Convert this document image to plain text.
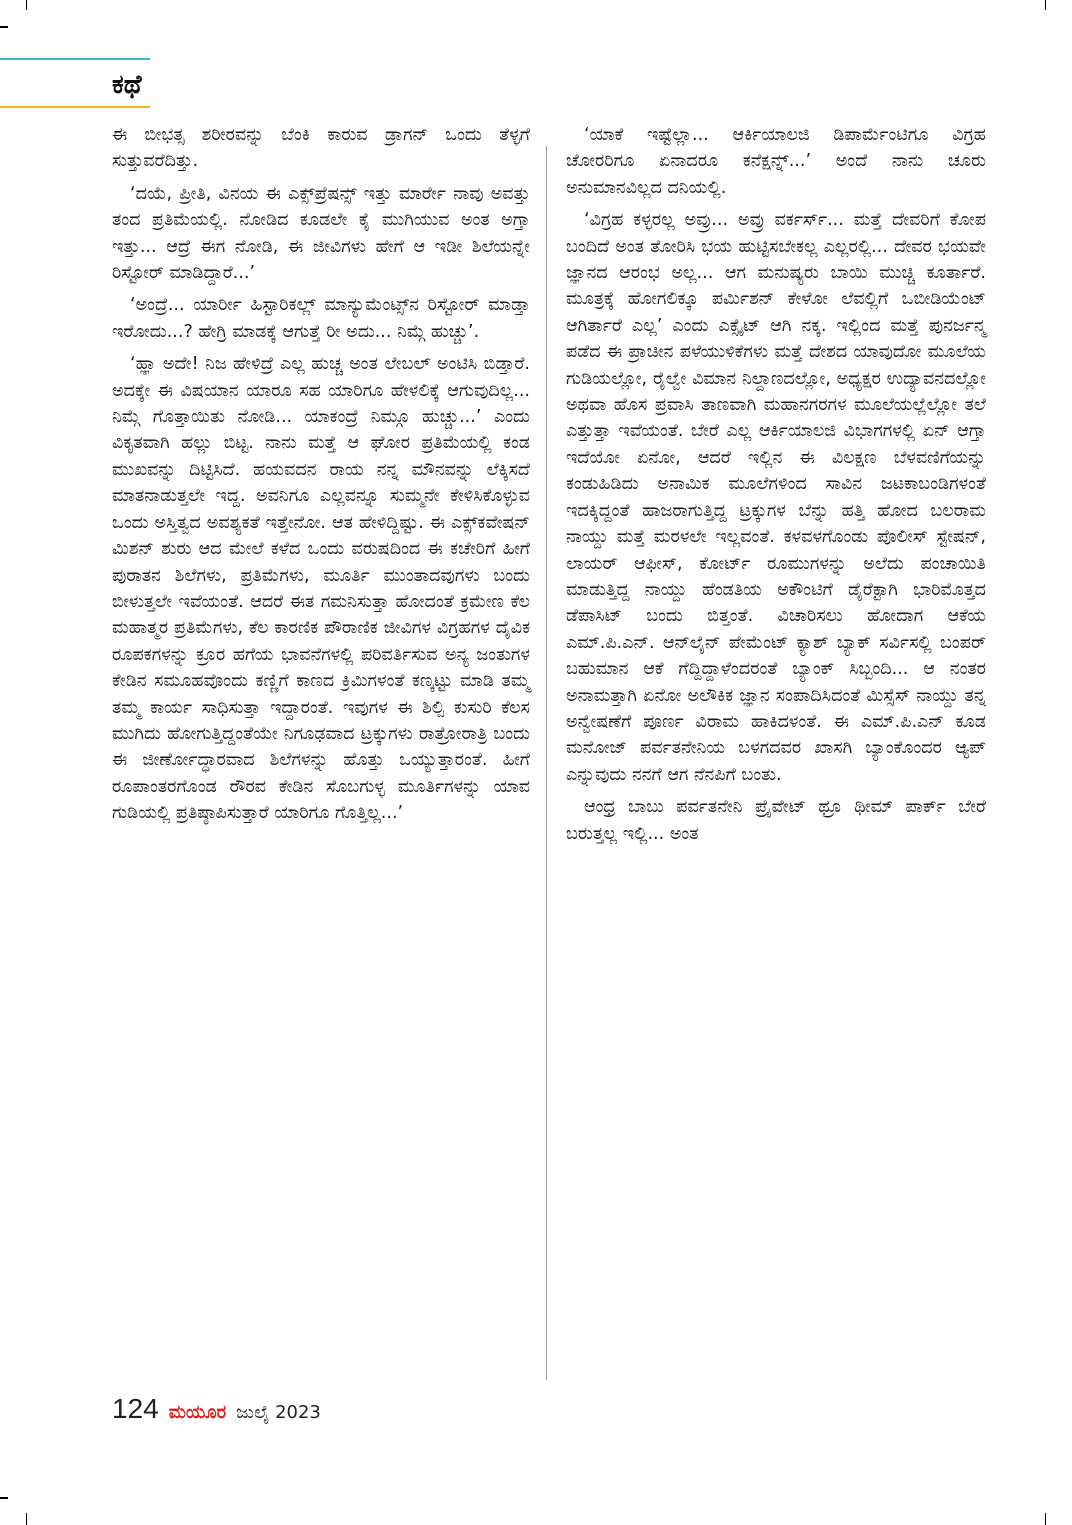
ಕಥೆ

ಈ ಬೀಭತ್ಸ ಶರೀರವನ್ನು ಬೆಂಕಿ ಕಾರುವ ಡ್ರಾಗನ್ ಒಂದು ತೆಳ್ಳಗೆ ಸುತ್ತುವರೆದಿತ್ತು.

‘ದಯೆ, ಪ್ರೀತಿ, ವಿನಯ ಈ ಎಕ್ಸ್‌ಪ್ರೆಷನ್ಸ್ ಇತ್ತು ಮಾರ್ರೇ ನಾವು ಅವತ್ತು ತಂದ ಪ್ರತಿಮೆಯಲ್ಲಿ. ನೋಡಿದ ಕೂಡಲೇ ಕೈ ಮುಗಿಯುವ ಅಂತ ಅಗ್ತಾ ಇತ್ತು... ಆದ್ರೆ ಈಗ ನೋಡಿ, ಈ ಜೀವಿಗಳು ಹೇಗೆ ಆ ಇಡೀ ಶಿಲೆಯನ್ನೇ ರಿಸ್ಟೋರ್ ಮಾಡಿದ್ದಾರೆ...’

‘ಅಂದ್ರೆ... ಯಾರ್ರೀ ಹಿಸ್ಟಾರಿಕಲ್ಲ್ ಮಾನ್ಯುಮೆಂಟ್ಸ್‌ನ ರಿಸ್ಟೋರ್ ಮಾಡ್ತಾ ಇರೋದು...? ಹೇಗ್ರಿ ಮಾಡಕ್ಕೆ ಆಗುತ್ತೆ ರೀ ಅದು... ನಿಮ್ಗೆ ಹುಚ್ಚು’.

‘ಹ್ಞಾ ಅದೇ! ನಿಜ ಹೇಳಿದ್ರೆ ಎಲ್ಲ ಹುಚ್ಚ ಅಂತ ಲೇಬಲ್ ಅಂಟಿಸಿ ಬಿಡ್ತಾರೆ. ಅದಕ್ಕೇ ಈ ವಿಷಯಾನ ಯಾರೂ ಸಹ ಯಾರಿಗೂ ಹೇಳಲಿಕ್ಕೆ ಆಗುವುದಿಲ್ಲ... ನಿಮ್ಗೆ ಗೊತ್ತಾಯಿತು ನೋಡಿ... ಯಾಕಂದ್ರೆ ನಿಮ್ಗೂ ಹುಚ್ಚು...’ ಎಂದು ವಿಕೃತವಾಗಿ ಹಲ್ಲು ಬಿಟ್ಟ. ನಾನು ಮತ್ತೆ ಆ ಘೋರ ಪ್ರತಿಮೆಯಲ್ಲಿ ಕಂಡ ಮುಖವನ್ನು ದಿಟ್ಟಿಸಿದೆ. ಹಯವದನ ರಾಯ ನನ್ನ ಮೌನವನ್ನು ಲೆಕ್ಕಿಸದೆ ಮಾತನಾಡುತ್ತಲೇ ಇದ್ದ. ಅವನಿಗೂ ಎಲ್ಲವನ್ನೂ ಸುಮ್ಮನೇ ಕೇಳಿಸಿಕೊಳ್ಳುವ ಒಂದು ಅಸ್ತಿತ್ವದ ಅವಶ್ಯಕತೆ ಇತ್ತೇನೋ. ಆತ ಹೇಳಿದ್ದಿಷ್ಟು. ಈ ಎಕ್ಸ್‌ಕವೇಷನ್ ಮಿಶನ್ ಶುರು ಆದ ಮೇಲೆ ಕಳೆದ ಒಂದು ವರುಷದಿಂದ ಈ ಕಚೇರಿಗೆ ಹೀಗೆ ಪುರಾತನ ಶಿಲೆಗಳು, ಪ್ರತಿಮೆಗಳು, ಮೂರ್ತಿ ಮುಂತಾದವುಗಳು ಬಂದು ಬೀಳುತ್ತಲೇ ಇವೆಯಂತೆ. ಆದರೆ ಈತ ಗಮನಿಸುತ್ತಾ ಹೋದಂತೆ ಕ್ರಮೇಣ ಕೆಲ ಮಹಾತ್ಮರ ಪ್ರತಿಮೆಗಳು, ಕೆಲ ಕಾರಣಿಕ ಪೌರಾಣಿಕ ಜೀವಿಗಳ ವಿಗ್ರಹಗಳ ದೈವಿಕ ರೂಪಕಗಳನ್ನು ಕ್ರೂರ ಹಗೆಯ ಭಾವನೆಗಳಲ್ಲಿ ಪರಿವರ್ತಿಸುವ ಅನ್ಯ ಜಂತುಗಳ ಕೇಡಿನ ಸಮೂಹವೊಂದು ಕಣ್ಣಿಗೆ ಕಾಣದ ಕ್ರಿಮಿಗಳಂತೆ ಕಣ್ಕಟ್ಟು ಮಾಡಿ ತಮ್ಮ ತಮ್ಮ ಕಾರ್ಯ ಸಾಧಿಸುತ್ತಾ ಇದ್ದಾರಂತೆ. ಇವುಗಳ ಈ ಶಿಲ್ಪಿ ಕುಸುರಿ ಕೆಲಸ ಮುಗಿದು ಹೋಗುತ್ತಿದ್ದಂತೆಯೇ ನಿಗೂಢವಾದ ಟ್ರಕ್ಕುಗಳು ರಾತ್ರೋರಾತ್ರಿ ಬಂದು ಈ ಜೀರ್ಣೋದ್ಧಾರವಾದ ಶಿಲೆಗಳನ್ನು ಹೊತ್ತು ಒಯ್ಯುತ್ತಾರಂತೆ. ಹೀಗೆ ರೂಪಾಂತರಗೊಂಡ ರೌರವ ಕೇಡಿನ ಸೊಬಗುಳ್ಳ ಮೂರ್ತಿಗಳನ್ನು ಯಾವ ಗುಡಿಯಲ್ಲಿ ಪ್ರತಿಷ್ಠಾಪಿಸುತ್ತಾರೆ ಯಾರಿಗೂ ಗೊತ್ತಿಲ್ಲ...’

‘ಯಾಕೆ ಇಷ್ಟೆಲ್ಲಾ... ಆರ್ಕಿಯಾಲಜಿ ಡಿಪಾರ್ಮೆಂಟಿಗೂ ವಿಗ್ರಹ ಚೋರರಿಗೂ ಏನಾದರೂ ಕನೆಕ್ಷನ್ನ್...’ ಅಂದೆ ನಾನು ಚೂರು ಅನುಮಾನವಿಲ್ಲದ ದನಿಯಲ್ಲಿ.

‘ವಿಗ್ರಹ ಕಳ್ಳರಲ್ಲ ಅವ್ರು... ಅವ್ರು ವರ್ಕರ್ಸ್... ಮತ್ತೆ ದೇವರಿಗೆ ಕೋಪ ಬಂದಿದೆ ಅಂತ ತೋರಿಸಿ ಭಯ ಹುಟ್ಟಿಸಬೇಕಲ್ಲ ಎಲ್ಲರಲ್ಲಿ... ದೇವರ ಭಯವೇ ಜ್ಞಾನದ ಆರಂಭ ಅಲ್ಲ... ಆಗ ಮನುಷ್ಯರು ಬಾಯಿ ಮುಚ್ಚಿ ಕೂರ್ತಾರೆ. ಮೂತ್ರಕ್ಕೆ ಹೋಗಲಿಕ್ಕೂ ಪರ್ಮಿಶನ್ ಕೇಳೋ ಲೆವಲ್ಲಿಗೆ ಒಬೀಡಿಯೆಂಟ್ ಆಗಿರ್ತಾರೆ ಎಲ್ಲ’ ಎಂದು ಎಕ್ಸೈಟ್ ಆಗಿ ನಕ್ಕ. ಇಲ್ಲಿಂದ ಮತ್ತೆ ಪುನರ್ಜನ್ಮ ಪಡೆದ ಈ ಪ್ರಾಚೀನ ಪಳೆಯುಳಿಕೆಗಳು ಮತ್ತೆ ದೇಶದ ಯಾವುದೋ ಮೂಲೆಯ ಗುಡಿಯಲ್ಲೋ, ರೈಲ್ವೇ ವಿಮಾನ ನಿಲ್ದಾಣದಲ್ಲೋ, ಅಧ್ಯಕ್ಷರ ಉದ್ಯಾವನದಲ್ಲೋ ಅಥವಾ ಹೊಸ ಪ್ರವಾಸಿ ತಾಣವಾಗಿ ಮಹಾನಗರಗಳ ಮೂಲೆಯಲ್ಲೆಲ್ಲೋ ತಲೆ ಎತ್ತುತ್ತಾ ಇವೆಯಂತೆ. ಬೇರೆ ಎಲ್ಲ ಆರ್ಕಿಯಾಲಜಿ ವಿಭಾಗಗಳಲ್ಲಿ ಏನ್ ಆಗ್ತಾ ಇದೆಯೋ ಏನೋ, ಆದರೆ ಇಲ್ಲಿನ ಈ ವಿಲಕ್ಷಣ ಬೆಳವಣಿಗೆಯನ್ನು ಕಂಡುಹಿಡಿದು ಅನಾಮಿಕ ಮೂಲೆಗಳಿಂದ ಸಾವಿನ ಜಟಕಾಬಂಡಿಗಳಂತೆ ಇದಕ್ಕಿದ್ದಂತೆ ಹಾಜರಾಗುತ್ತಿದ್ದ ಟ್ರಕ್ಕುಗಳ ಬೆನ್ನು ಹತ್ತಿ ಹೋದ ಬಲರಾಮ ನಾಯ್ದು ಮತ್ತೆ ಮರಳಲೇ ಇಲ್ಲವಂತೆ. ಕಳವಳಗೊಂಡು ಪೊಲೀಸ್ ಸ್ಟೇಷನ್, ಲಾಯರ್ ಆಫೀಸ್, ಕೋರ್ಟ್ ರೂಮುಗಳನ್ನು ಅಲೆದು ಪಂಚಾಯಿತಿ ಮಾಡುತ್ತಿದ್ದ ನಾಯ್ದು ಹೆಂಡತಿಯ ಅಕೌಂಟಿಗೆ ಡೈರೆಕ್ಟಾಗಿ ಭಾರಿಮೊತ್ತದ ಡೆಪಾಸಿಟ್ ಬಂದು ಬಿತ್ತಂತೆ. ವಿಚಾರಿಸಲು ಹೋದಾಗ ಆಕೆಯ ಎಮ್.ಪಿ.ಎನ್. ಆನ್‌ಲೈನ್ ಪೇಮೆಂಟ್ ಕ್ಯಾಶ್ ಬ್ಯಾಕ್ ಸರ್ವಿಸಲ್ಲಿ ಬಂಪರ್ ಬಹುಮಾನ ಆಕೆ ಗೆದ್ದಿದ್ದಾಳೆಂದರಂತೆ ಬ್ಯಾಂಕ್ ಸಿಬ್ಬಂದಿ... ಆ ನಂತರ ಅನಾಮತ್ತಾಗಿ ಏನೋ ಅಲೌಕಿಕ ಜ್ಞಾನ ಸಂಪಾದಿಸಿದಂತೆ ಮಿಸ್ಸೆಸ್ ನಾಯ್ದು ತನ್ನ ಅನ್ವೇಷಣೆಗೆ ಪೂರ್ಣ ವಿರಾಮ ಹಾಕಿದಳಂತೆ. ಈ ಎಮ್.ಪಿ.ಎನ್ ಕೂಡ ಮನೋಜ್ ಪರ್ವತನೇನಿಯ ಬಳಗದವರ ಖಾಸಗಿ ಬ್ಯಾಂಕೊಂದರ ಆ್ಯಪ್ ಎನ್ನುವುದು ನನಗೆ ಆಗ ನೆನಪಿಗೆ ಬಂತು.

ಆಂಧ್ರ ಬಾಬು ಪರ್ವತನೇನಿ ಪ್ರೈವೇಟ್ ಥ್ರೂ ಥೀಮ್ ಪಾರ್ಕ್ ಬೇರೆ ಬರುತ್ತಲ್ಲ ಇಲ್ಲಿ... ಅಂತ

124 ಮಯೂರ ಜುಲೈ 2023
